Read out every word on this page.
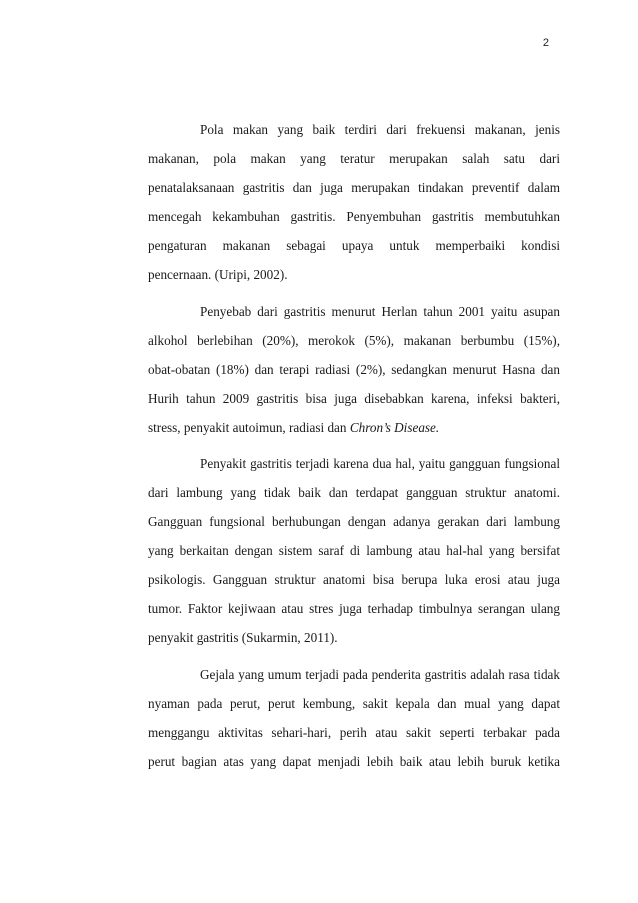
2
Pola makan yang baik terdiri dari frekuensi makanan, jenis
makanan, pola makan yang teratur merupakan salah satu dari
penatalaksanaan gastritis dan juga merupakan tindakan preventif dalam
mencegah kekambuhan gastritis. Penyembuhan gastritis membutuhkan
pengaturan makanan sebagai upaya untuk memperbaiki kondisi
pencernaan. (Uripi, 2002).
Penyebab dari gastritis menurut Herlan tahun 2001 yaitu asupan
alkohol berlebihan (20%), merokok (5%), makanan berbumbu (15%),
obat-obatan (18%) dan terapi radiasi (2%), sedangkan menurut Hasna dan
Hurih tahun 2009 gastritis bisa juga disebabkan karena, infeksi bakteri,
stress, penyakit autoimun, radiasi dan Chron’s Disease.
Penyakit gastritis terjadi karena dua hal, yaitu gangguan fungsional
dari lambung yang tidak baik dan terdapat gangguan struktur anatomi.
Gangguan fungsional berhubungan dengan adanya gerakan dari lambung
yang berkaitan dengan sistem saraf di lambung atau hal-hal yang bersifat
psikologis. Gangguan struktur anatomi bisa berupa luka erosi atau juga
tumor. Faktor kejiwaan atau stres juga terhadap timbulnya serangan ulang
penyakit gastritis (Sukarmin, 2011).
Gejala yang umum terjadi pada penderita gastritis adalah rasa tidak
nyaman pada perut, perut kembung, sakit kepala dan mual yang dapat
menggangu aktivitas sehari-hari, perih atau sakit seperti terbakar pada
perut bagian atas yang dapat menjadi lebih baik atau lebih buruk ketika
